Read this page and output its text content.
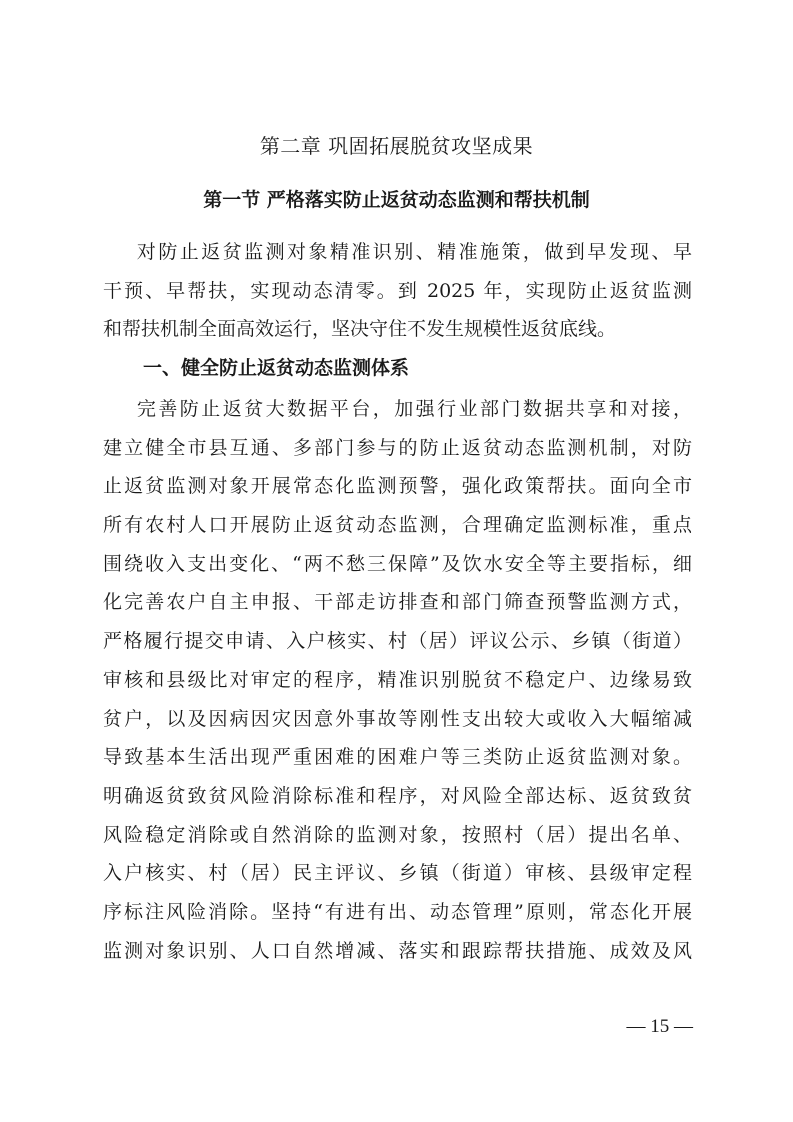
第二章 巩固拓展脱贫攻坚成果
第一节 严格落实防止返贫动态监测和帮扶机制
对防止返贫监测对象精准识别、精准施策，做到早发现、早
干预、早帮扶，实现动态清零。到 2025 年，实现防止返贫监测
和帮扶机制全面高效运行，坚决守住不发生规模性返贫底线。
一、健全防止返贫动态监测体系
完善防止返贫大数据平台，加强行业部门数据共享和对接，
建立健全市县互通、多部门参与的防止返贫动态监测机制，对防
止返贫监测对象开展常态化监测预警，强化政策帮扶。面向全市
所有农村人口开展防止返贫动态监测，合理确定监测标准，重点
围绕收入支出变化、“两不愁三保障”及饮水安全等主要指标，细
化完善农户自主申报、干部走访排查和部门筛查预警监测方式，
严格履行提交申请、入户核实、村（居）评议公示、乡镇（街道）
审核和县级比对审定的程序，精准识别脱贫不稳定户、边缘易致
贫户，以及因病因灾因意外事故等刚性支出较大或收入大幅缩减
导致基本生活出现严重困难的困难户等三类防止返贫监测对象。
明确返贫致贫风险消除标准和程序，对风险全部达标、返贫致贫
风险稳定消除或自然消除的监测对象，按照村（居）提出名单、
入户核实、村（居）民主评议、乡镇（街道）审核、县级审定程
序标注风险消除。坚持“有进有出、动态管理”原则，常态化开展
监测对象识别、人口自然增减、落实和跟踪帮扶措施、成效及风
— 15 —
